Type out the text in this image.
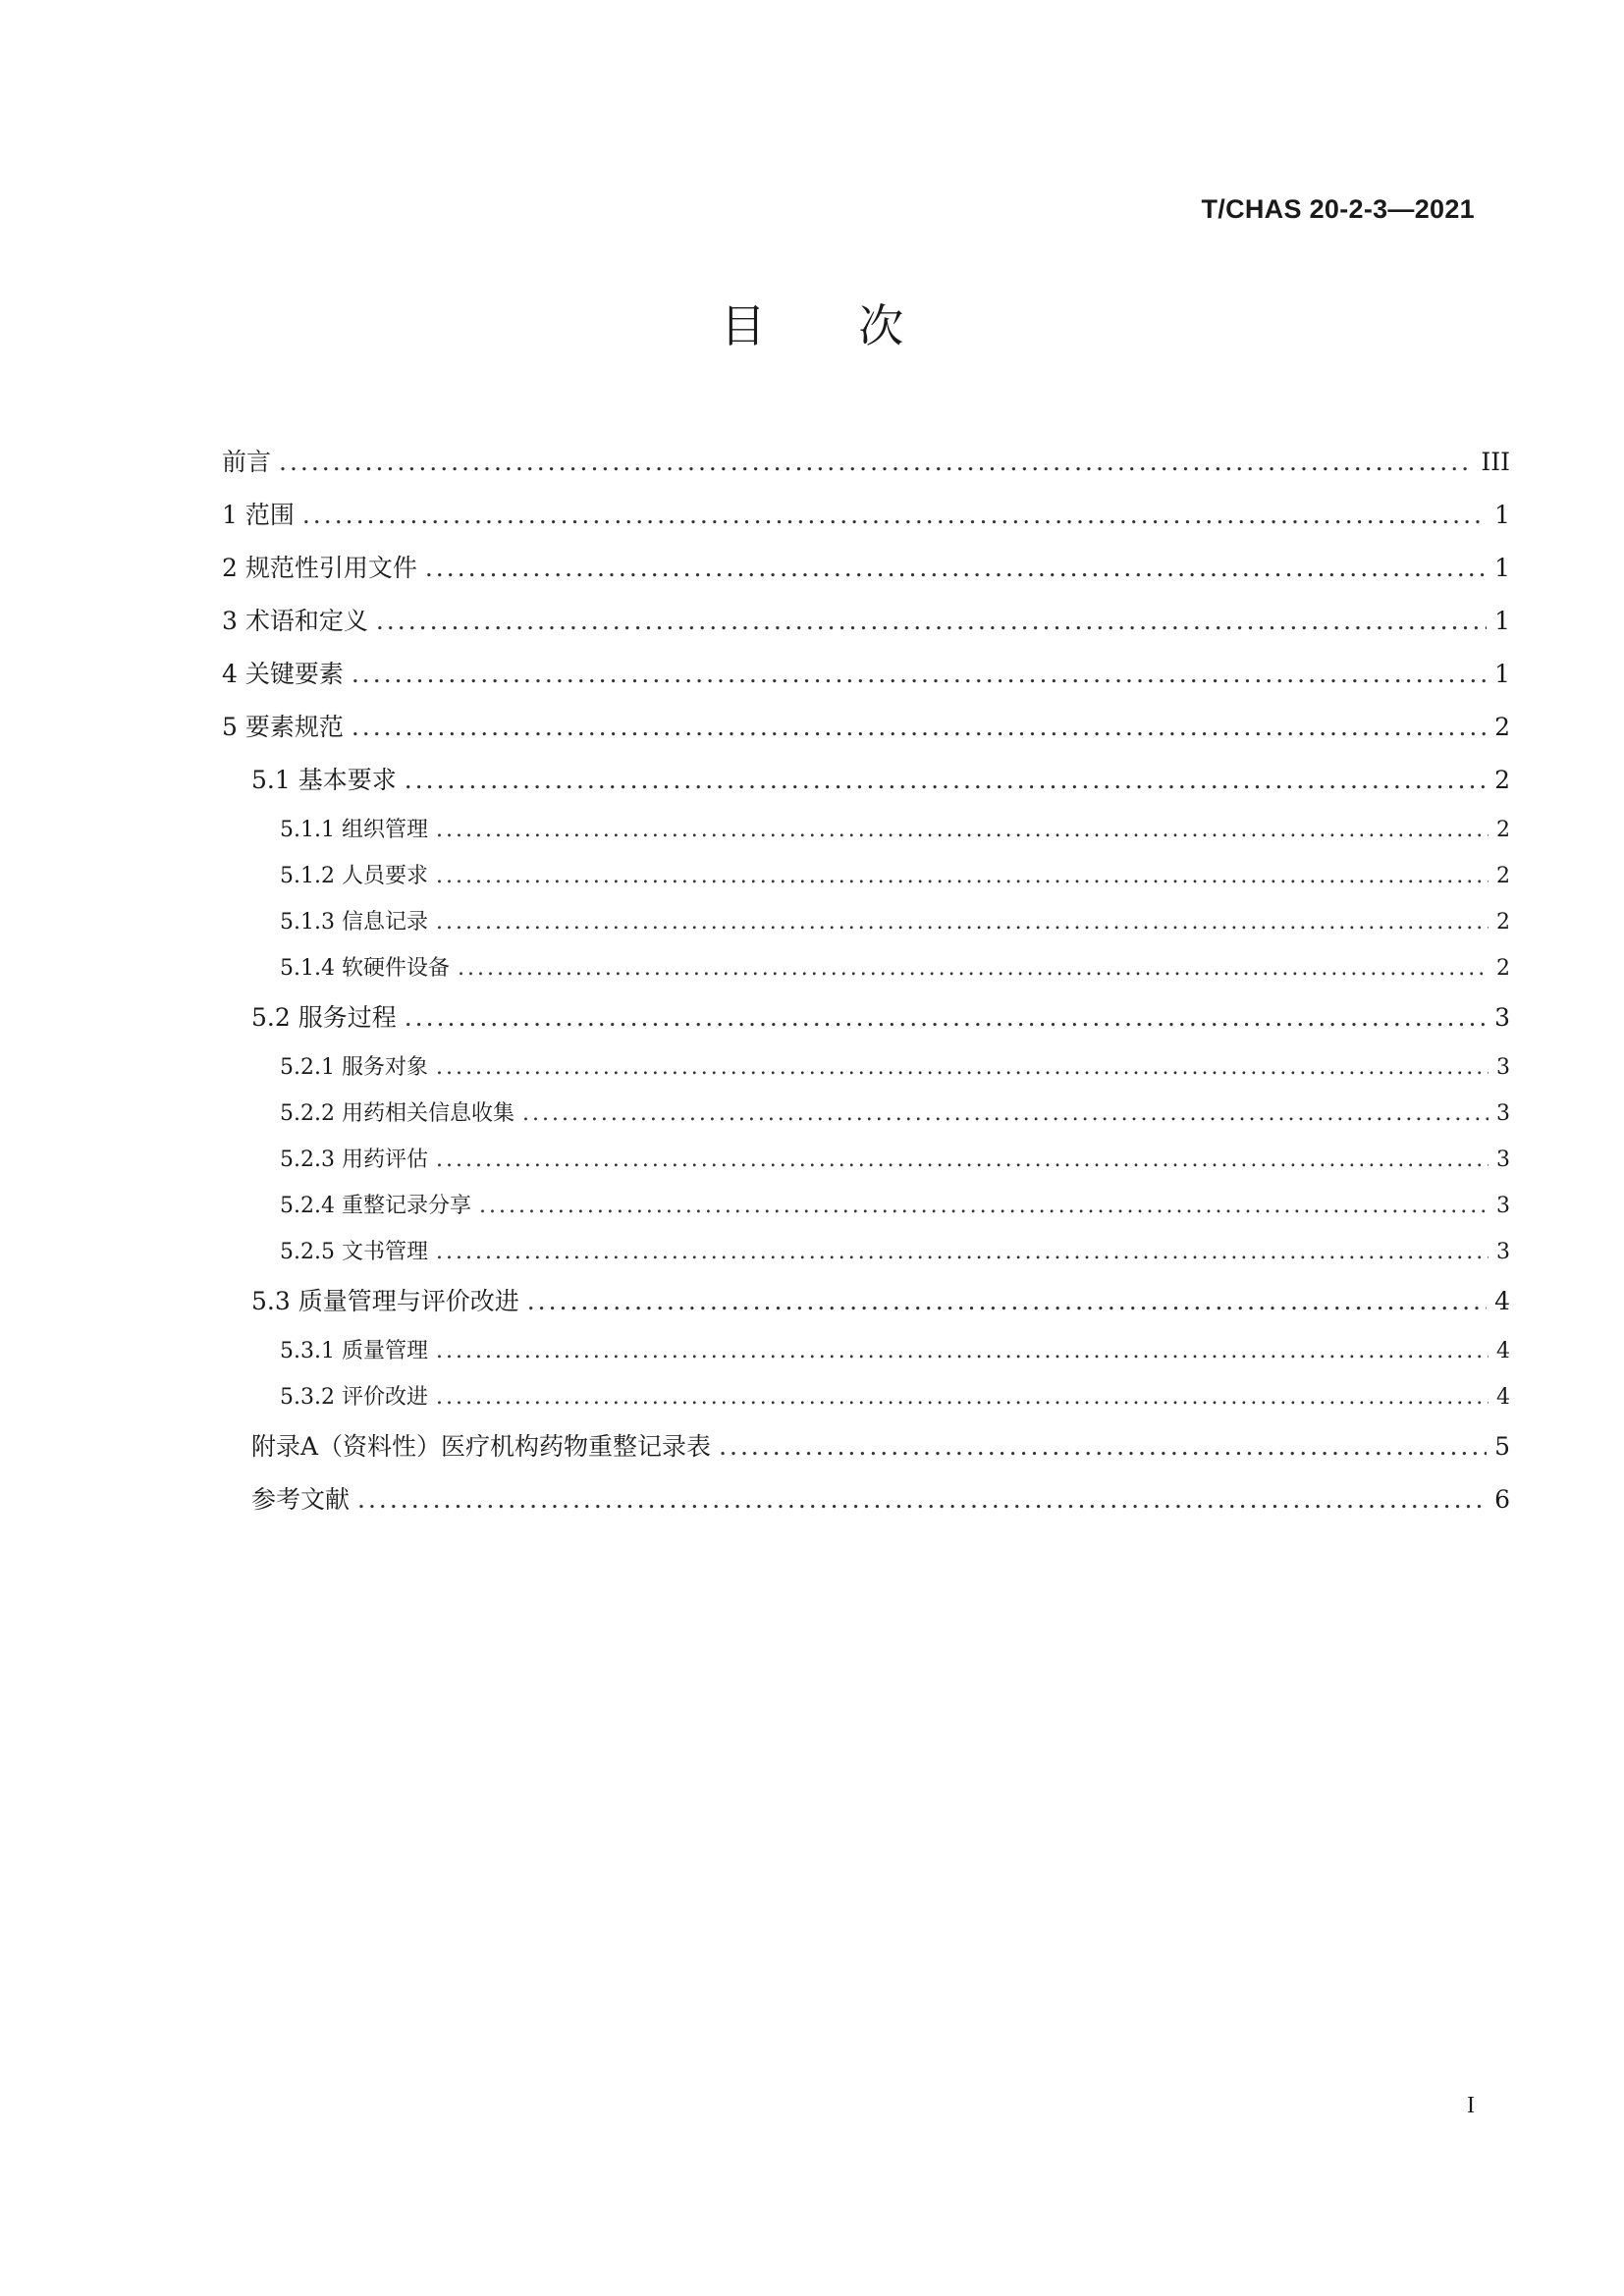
T/CHAS 20-2-3—2021
目 次
前言 .....	III
1 范围 .....	1
2 规范性引用文件 .....	1
3 术语和定义 .....	1
4 关键要素 .....	1
5 要素规范 .....	2
5.1 基本要求 .....	2
5.1.1 组织管理 .....	2
5.1.2 人员要求 .....	2
5.1.3 信息记录 .....	2
5.1.4 软硬件设备 .....	2
5.2 服务过程 .....	3
5.2.1 服务对象 .....	3
5.2.2 用药相关信息收集 .....	3
5.2.3 用药评估 .....	3
5.2.4 重整记录分享 .....	3
5.2.5 文书管理 .....	3
5.3 质量管理与评价改进 .....	4
5.3.1 质量管理 .....	4
5.3.2 评价改进 .....	4
附录A（资料性）医疗机构药物重整记录表 .....	5
参考文献 .....	6
I
